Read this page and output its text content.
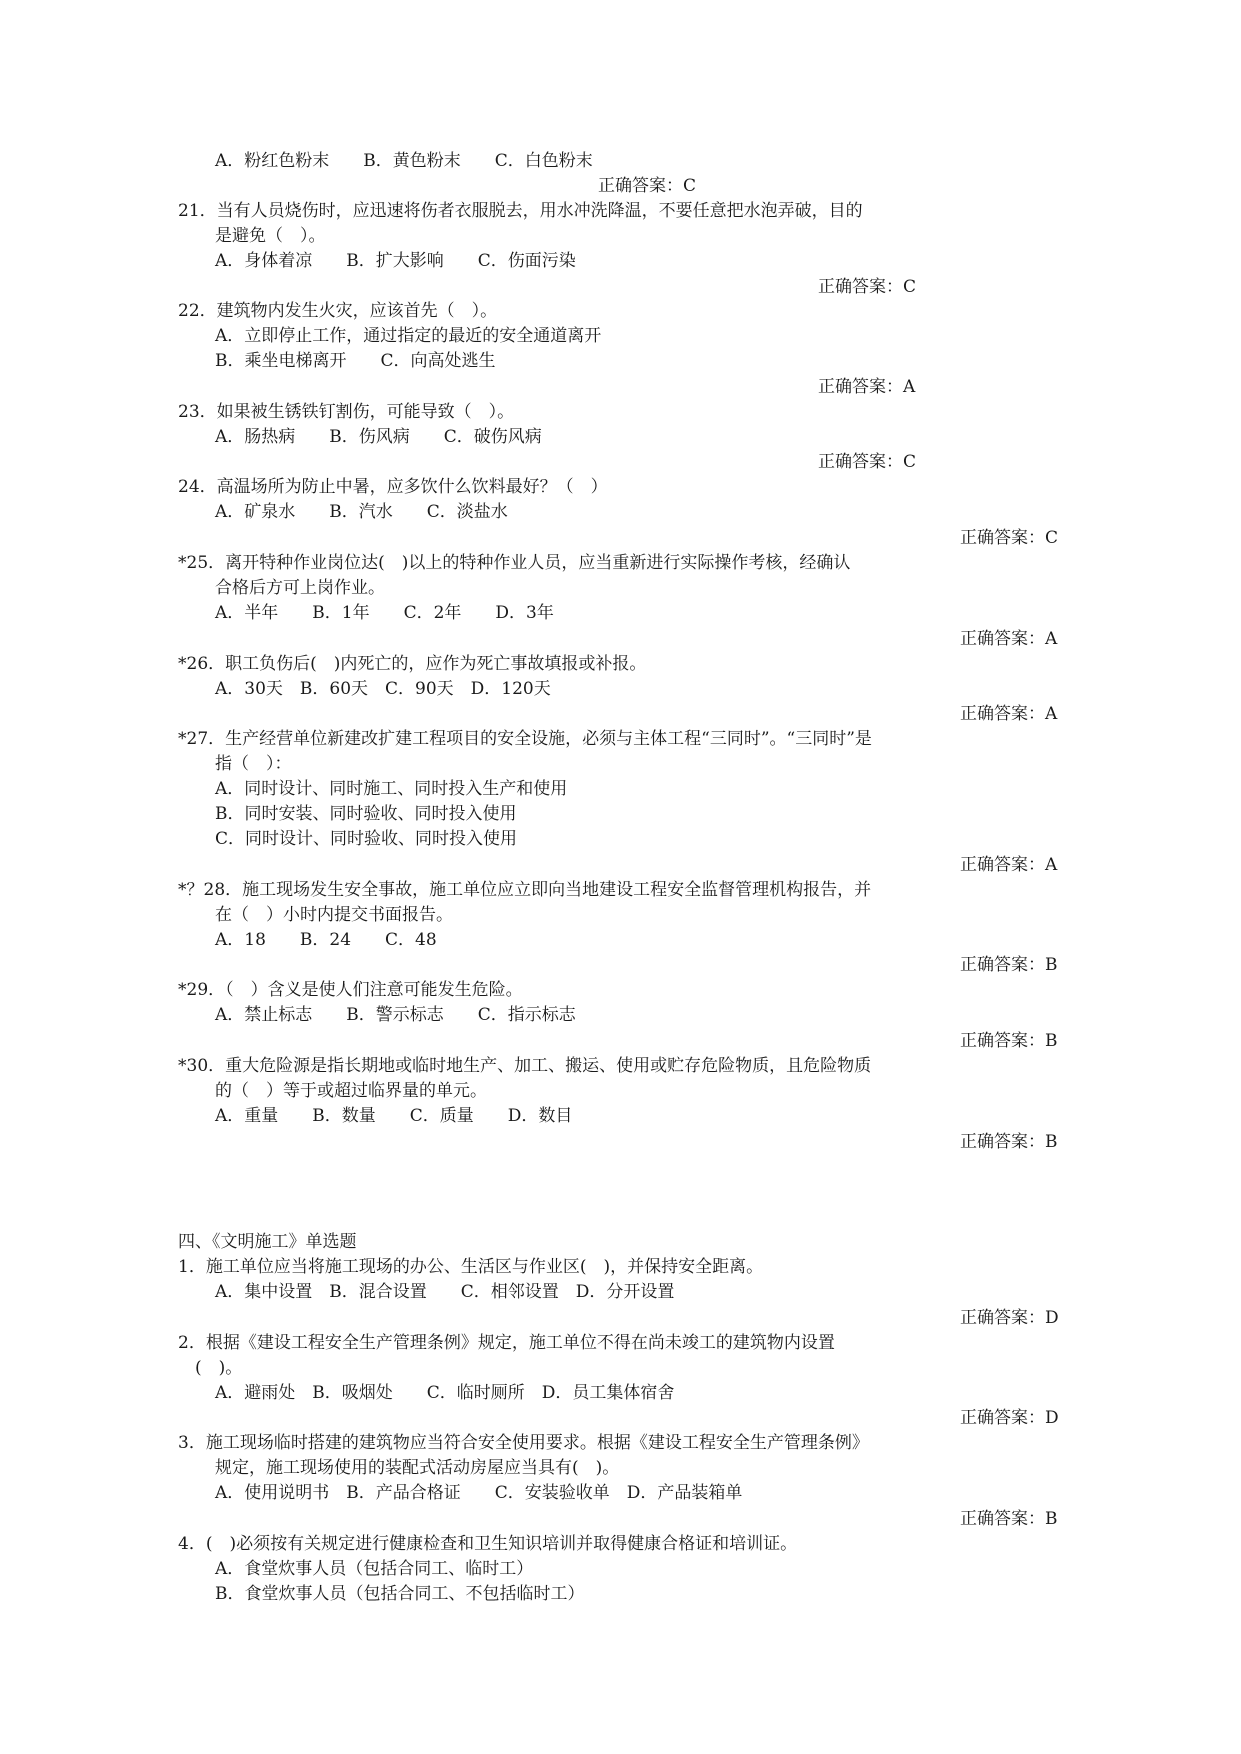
A．粉红色粉末　　B．黄色粉末　　C．白色粉末
正确答案：C
21．当有人员烧伤时，应迅速将伤者衣服脱去，用水冲洗降温，不要任意把水泡弄破，目的
是避免（　）。
A．身体着凉　　B．扩大影响　　C．伤面污染
正确答案：C
22．建筑物内发生火灾，应该首先（　）。
A．立即停止工作，通过指定的最近的安全通道离开
B．乘坐电梯离开　　C．向高处逃生
正确答案：A
23．如果被生锈铁钉割伤，可能导致（　）。
A．肠热病　　B．伤风病　　C．破伤风病
正确答案：C
24．高温场所为防止中暑，应多饮什么饮料最好？（　）
A．矿泉水　　B．汽水　　C．淡盐水
正确答案：C
*25．离开特种作业岗位达(　)以上的特种作业人员，应当重新进行实际操作考核，经确认
合格后方可上岗作业。
A．半年　　B．1年　　C．2年　　D．3年
正确答案：A
*26．职工负伤后(　)内死亡的，应作为死亡事故填报或补报。
A．30天　B．60天　C．90天　D．120天
正确答案：A
*27．生产经营单位新建改扩建工程项目的安全设施，必须与主体工程“三同时”。“三同时”是
指（　）：
A．同时设计、同时施工、同时投入生产和使用
B．同时安装、同时验收、同时投入使用
C．同时设计、同时验收、同时投入使用
正确答案：A
*？28．施工现场发生安全事故，施工单位应立即向当地建设工程安全监督管理机构报告，并
在（　）小时内提交书面报告。
A．18　　B．24　　C．48
正确答案：B
*29．（　）含义是使人们注意可能发生危险。
A．禁止标志　　B．警示标志　　C．指示标志
正确答案：B
*30．重大危险源是指长期地或临时地生产、加工、搬运、使用或贮存危险物质，且危险物质
的（　）等于或超过临界量的单元。
A．重量　　B．数量　　C．质量　　D．数目
正确答案：B
四、《文明施工》单选题
1．施工单位应当将施工现场的办公、生活区与作业区(　)，并保持安全距离。
A．集中设置　B．混合设置　　C．相邻设置　D．分开设置
正确答案：D
2．根据《建设工程安全生产管理条例》规定，施工单位不得在尚未竣工的建筑物内设置
(　)。
A．避雨处　B．吸烟处　　C．临时厕所　D．员工集体宿舍
正确答案：D
3．施工现场临时搭建的建筑物应当符合安全使用要求。根据《建设工程安全生产管理条例》
规定，施工现场使用的装配式活动房屋应当具有(　)。
A．使用说明书　B．产品合格证　　C．安装验收单　D．产品装箱单
正确答案：B
4．(　)必须按有关规定进行健康检查和卫生知识培训并取得健康合格证和培训证。
A．食堂炊事人员（包括合同工、临时工）
B．食堂炊事人员（包括合同工、不包括临时工）
